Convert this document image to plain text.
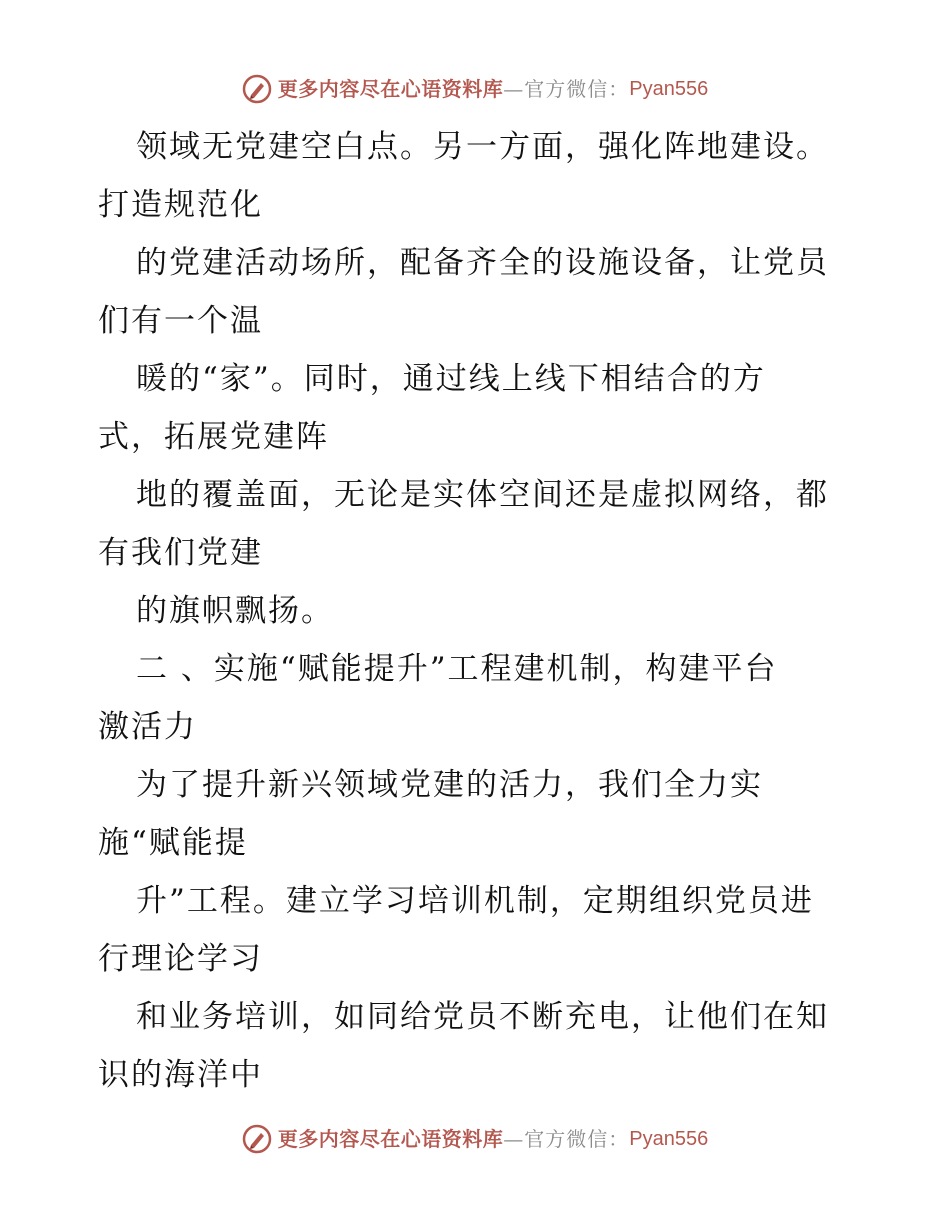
更多内容尽在心语资料库 — 官方微信： Pyan556
领域无党建空白点。另一方面，强化阵地建设。
打造规范化
的党建活动场所，配备齐全的设施设备，让党员
们有一个温
暖的“家”。同时，通过线上线下相结合的方
式，拓展党建阵
地的覆盖面，无论是实体空间还是虚拟网络，都
有我们党建
的旗帜飘扬。
二 、实施“赋能提升”工程建机制，构建平台
激活力
为了提升新兴领域党建的活力，我们全力实
施“赋能提
升”工程。建立学习培训机制，定期组织党员进
行理论学习
和业务培训，如同给党员不断充电，让他们在知
识的海洋中
更多内容尽在心语资料库 — 官方微信： Pyan556
